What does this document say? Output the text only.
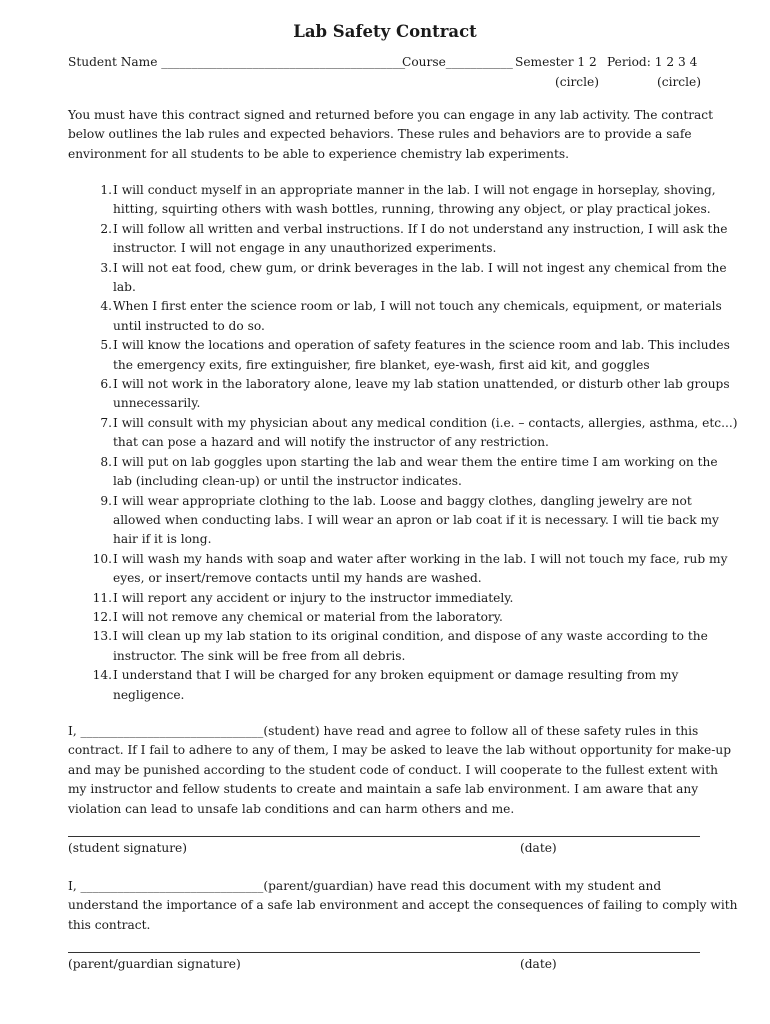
Lab Safety Contract
Student Name ________________________________________
Course___________ Semester 1 2 Period: 1 2 3 4
(circle)	(circle)
You must have this contract signed and returned before you can engage in any lab activity. The contract
below outlines the lab rules and expected behaviors. These rules and behaviors are to provide a safe
environment for all students to be able to experience chemistry lab experiments.
1. I will conduct myself in an appropriate manner in the lab. I will not engage in horseplay, shoving,
hitting, squirting others with wash bottles, running, throwing any object, or play practical jokes.
2. I will follow all written and verbal instructions. If I do not understand any instruction, I will ask the
instructor. I will not engage in any unauthorized experiments.
3. I will not eat food, chew gum, or drink beverages in the lab. I will not ingest any chemical from the
lab.
4. When I first enter the science room or lab, I will not touch any chemicals, equipment, or materials
until instructed to do so.
5. I will know the locations and operation of safety features in the science room and lab. This includes
the emergency exits, fire extinguisher, fire blanket, eye-wash, first aid kit, and goggles
6. I will not work in the laboratory alone, leave my lab station unattended, or disturb other lab groups
unnecessarily.
7. I will consult with my physician about any medical condition (i.e. – contacts, allergies, asthma, etc...)
that can pose a hazard and will notify the instructor of any restriction.
8. I will put on lab goggles upon starting the lab and wear them the entire time I am working on the
lab (including clean-up) or until the instructor indicates.
9. I will wear appropriate clothing to the lab. Loose and baggy clothes, dangling jewelry are not
allowed when conducting labs. I will wear an apron or lab coat if it is necessary. I will tie back my
hair if it is long.
10. I will wash my hands with soap and water after working in the lab. I will not touch my face, rub my
eyes, or insert/remove contacts until my hands are washed.
11. I will report any accident or injury to the instructor immediately.
12. I will not remove any chemical or material from the laboratory.
13. I will clean up my lab station to its original condition, and dispose of any waste according to the
instructor. The sink will be free from all debris.
14. I understand that I will be charged for any broken equipment or damage resulting from my
negligence.
I, ______________________________(student) have read and agree to follow all of these safety rules in this
contract. If I fail to adhere to any of them, I may be asked to leave the lab without opportunity for make-up
and may be punished according to the student code of conduct. I will cooperate to the fullest extent with
my instructor and fellow students to create and maintain a safe lab environment. I am aware that any
violation can lead to unsafe lab conditions and can harm others and me.
(student signature)	(date)
I, ______________________________(parent/guardian) have read this document with my student and
understand the importance of a safe lab environment and accept the consequences of failing to comply with
this contract.
(parent/guardian signature)	(date)
